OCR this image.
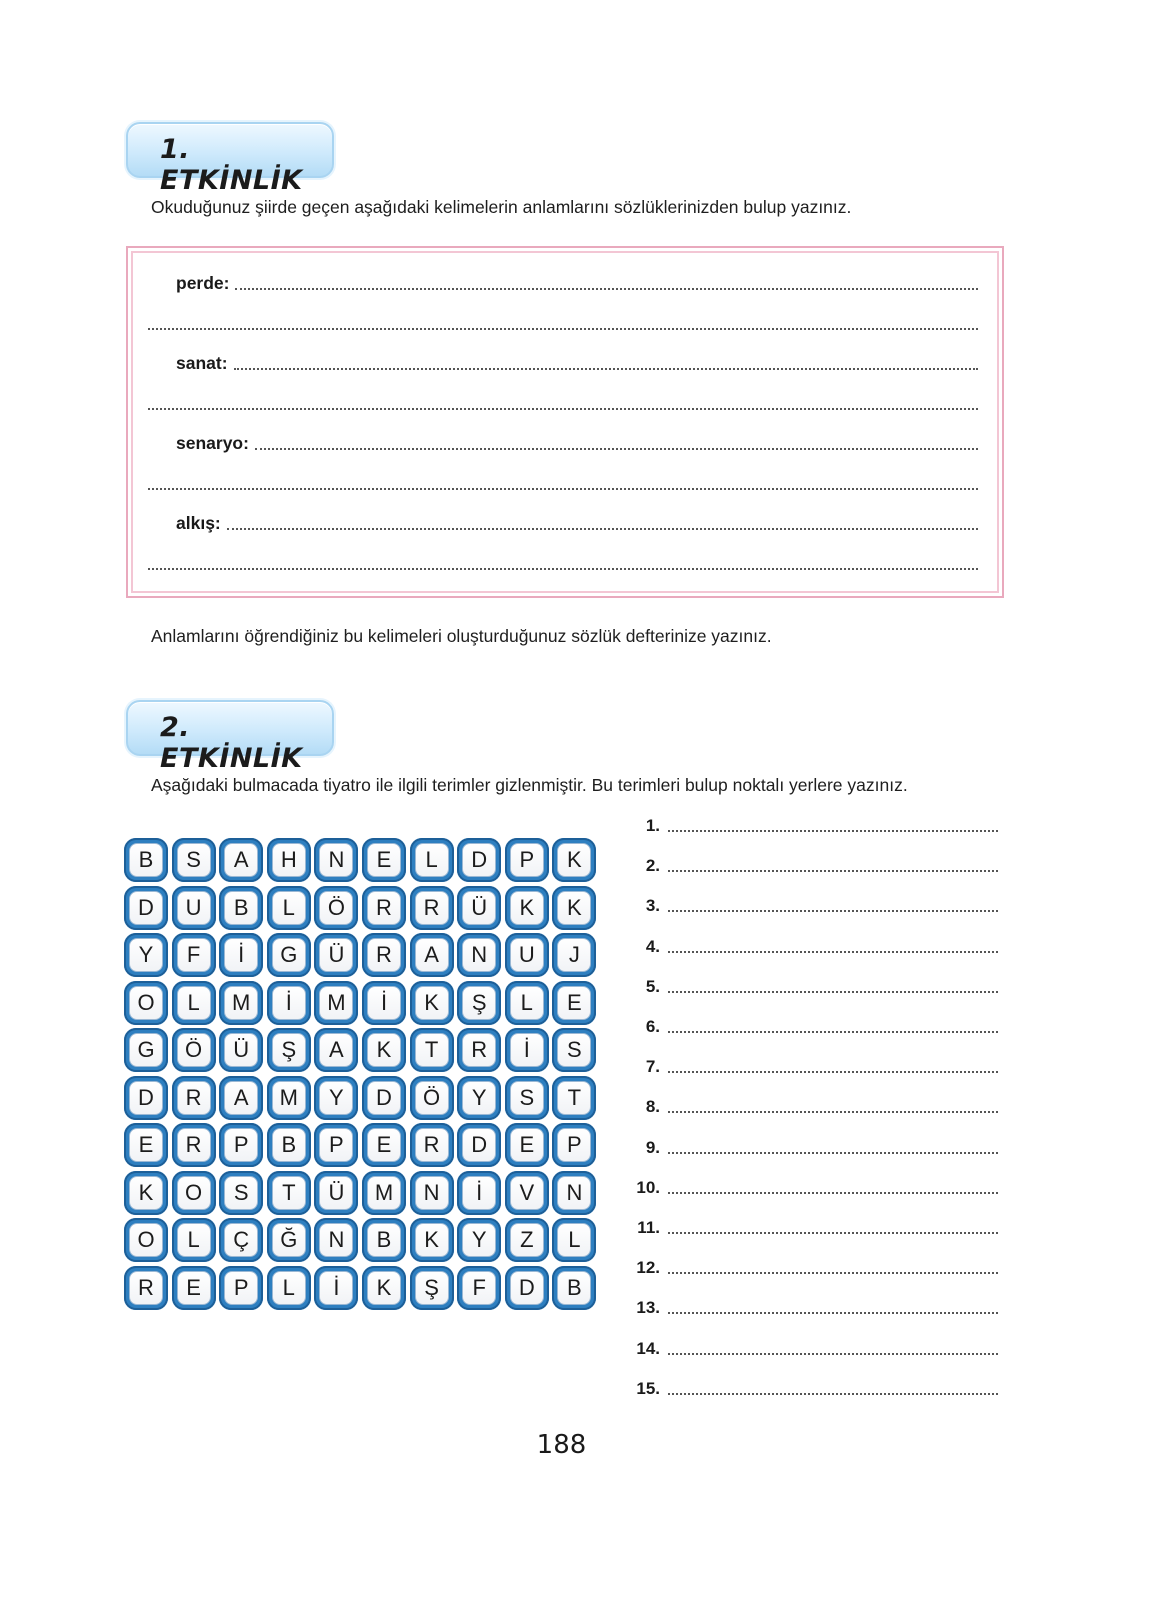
1. ETKİNLİK
Okuduğunuz şiirde geçen aşağıdaki kelimelerin anlamlarını sözlüklerinizden bulup yazınız.
perde:
sanat:
senaryo:
alkış:
Anlamlarını öğrendiğiniz bu kelimeleri oluşturduğunuz sözlük defterinize yazınız.
2. ETKİNLİK
Aşağıdaki bulmacada tiyatro ile ilgili terimler gizlenmiştir. Bu terimleri bulup noktalı yerlere yazınız.
B	S	A	H	N	E	L	D	P	K
D	U	B	L	Ö	R	R	Ü	K	K
Y	F	İ	G	Ü	R	A	N	U	J
O	L	M	İ	M	İ	K	Ş	L	E
G	Ö	Ü	Ş	A	K	T	R	İ	S
D	R	A	M	Y	D	Ö	Y	S	T
E	R	P	B	P	E	R	D	E	P
K	O	S	T	Ü	M	N	İ	V	N
O	L	Ç	Ğ	N	B	K	Y	Z	L
R	E	P	L	İ	K	Ş	F	D	B
1.
2.
3.
4.
5.
6.
7.
8.
9.
10.
11.
12.
13.
14.
15.
188
